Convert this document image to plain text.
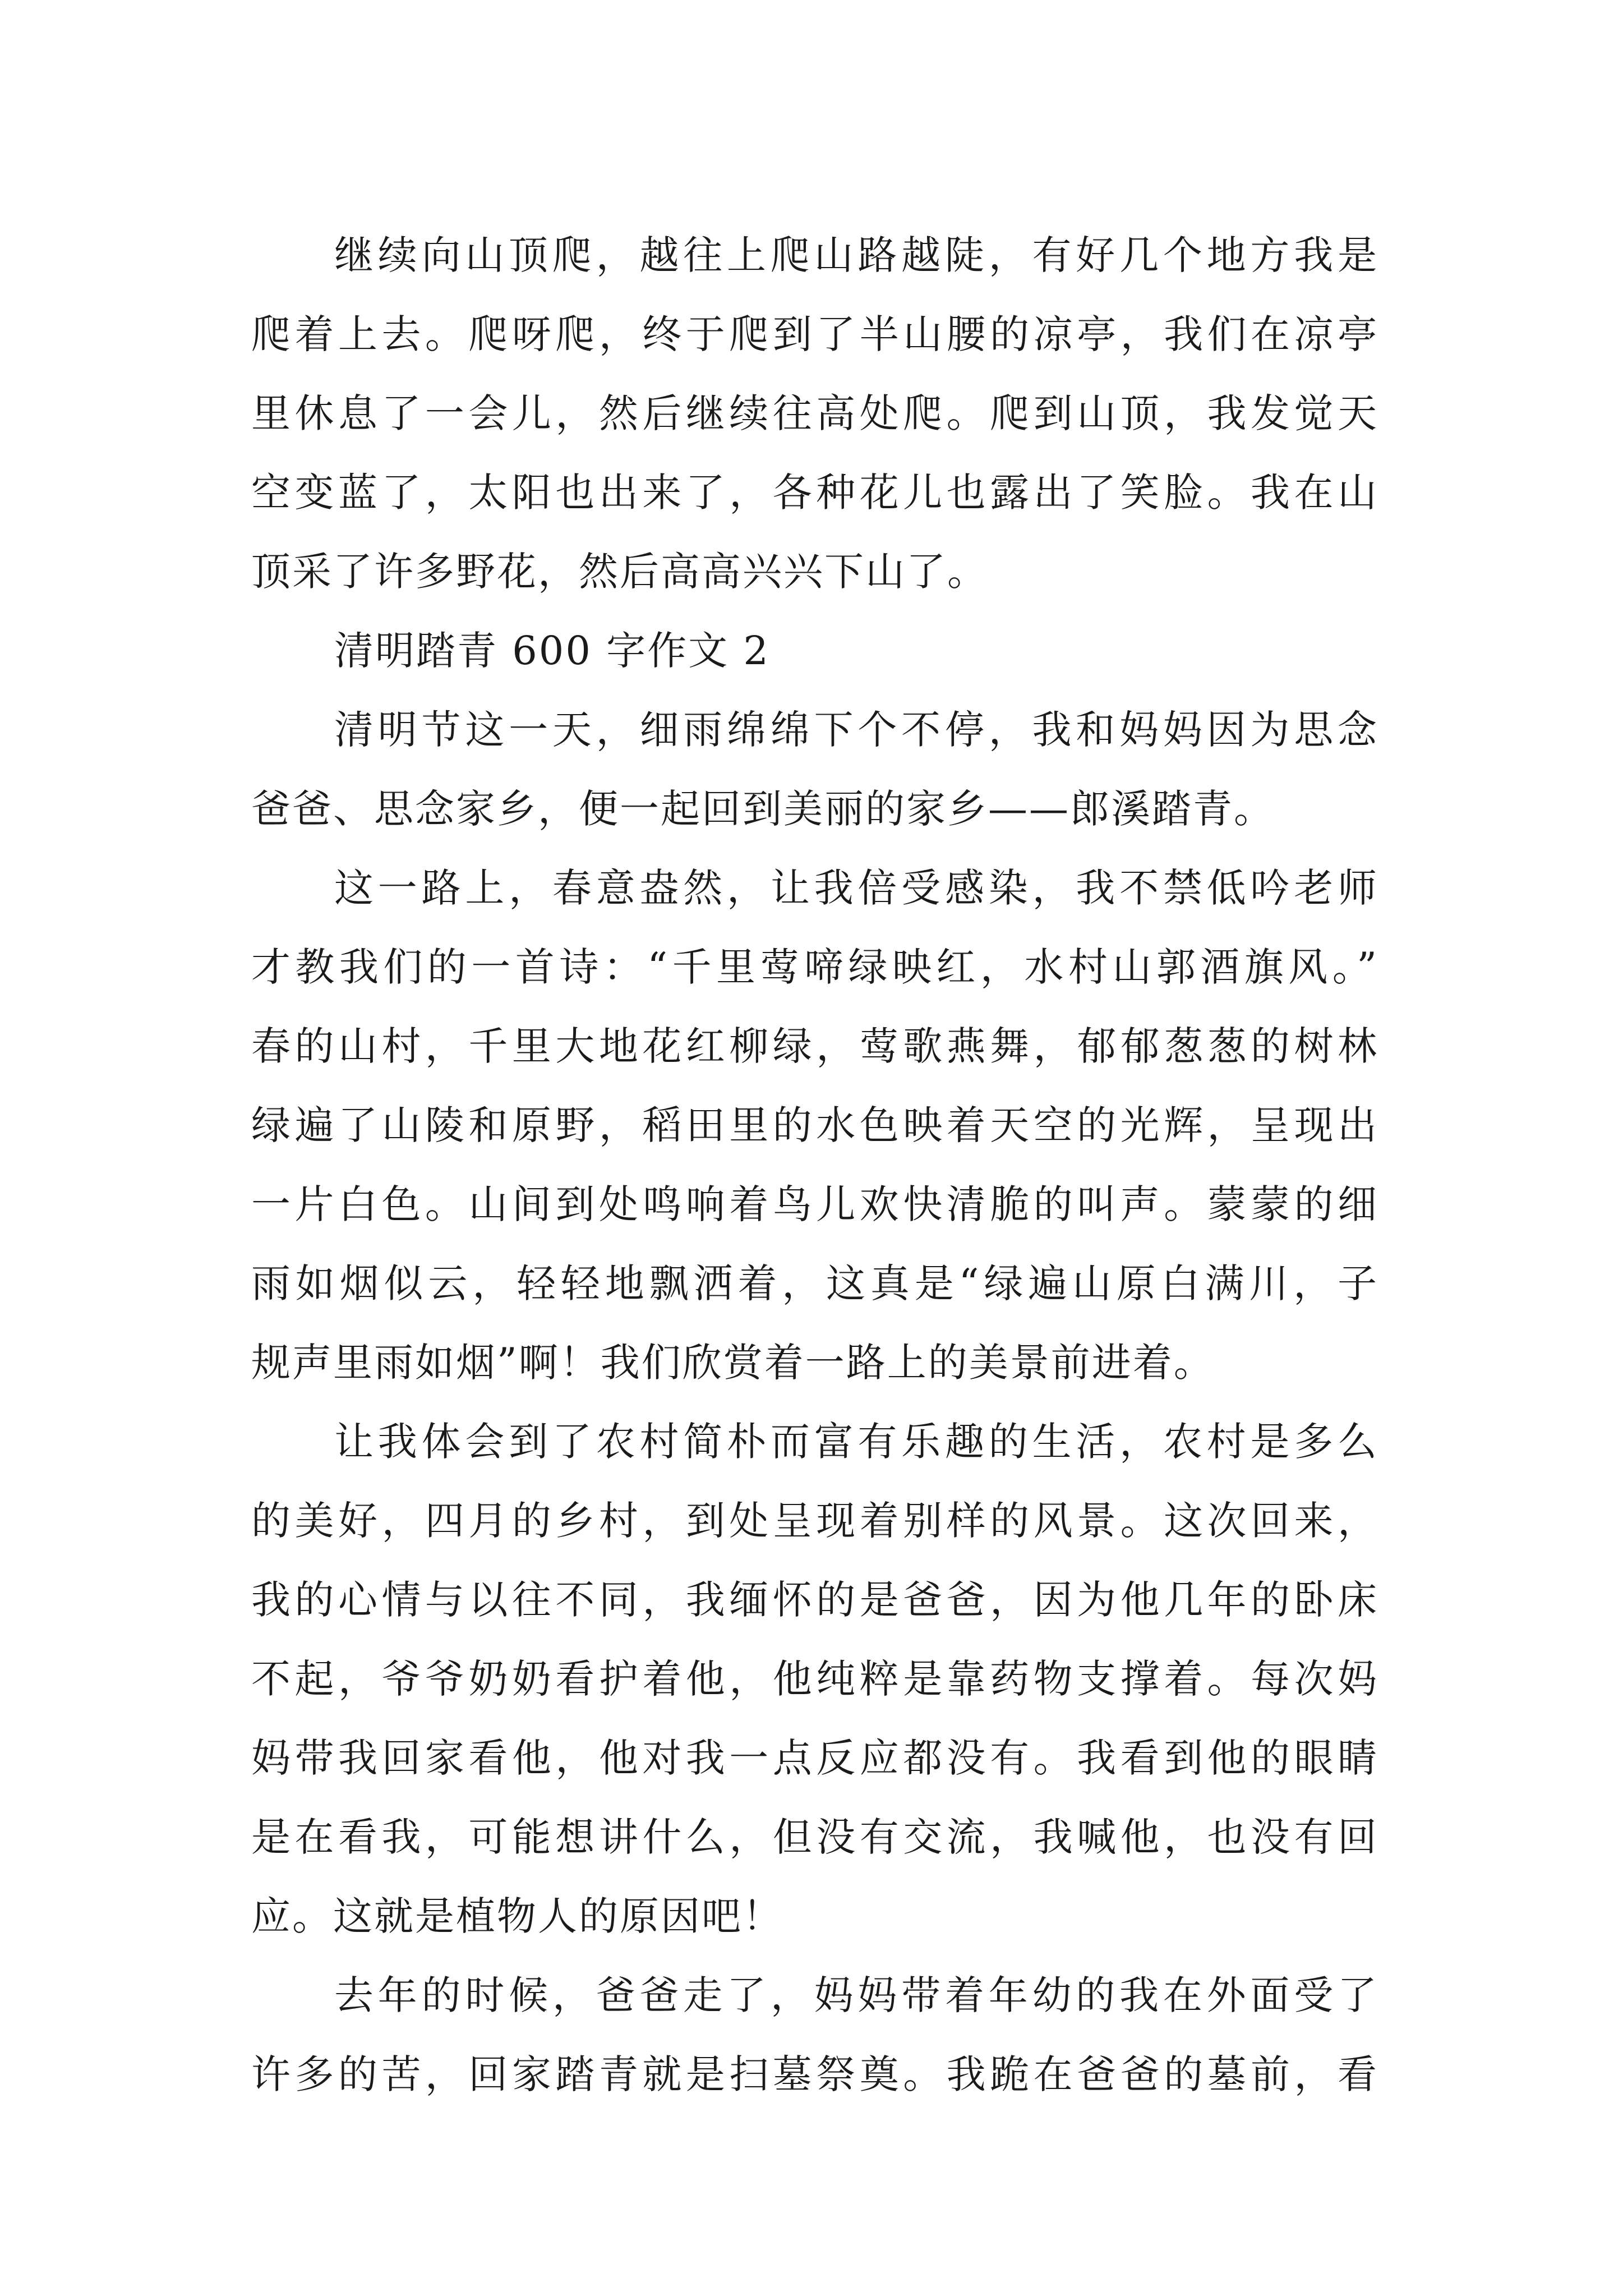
继续向山顶爬，越往上爬山路越陡，有好几个地方我是
爬着上去。爬呀爬，终于爬到了半山腰的凉亭，我们在凉亭
里休息了一会儿，然后继续往高处爬。爬到山顶，我发觉天
空变蓝了，太阳也出来了，各种花儿也露出了笑脸。我在山
顶采了许多野花，然后高高兴兴下山了。
清明踏青 600 字作文 2
清明节这一天，细雨绵绵下个不停，我和妈妈因为思念
爸爸、思念家乡，便一起回到美丽的家乡——郎溪踏青。
这一路上，春意盎然，让我倍受感染，我不禁低吟老师
才教我们的一首诗：“千里莺啼绿映红，水村山郭酒旗风。”
春的山村，千里大地花红柳绿，莺歌燕舞，郁郁葱葱的树林
绿遍了山陵和原野，稻田里的水色映着天空的光辉，呈现出
一片白色。山间到处鸣响着鸟儿欢快清脆的叫声。蒙蒙的细
雨如烟似云，轻轻地飘洒着，这真是“绿遍山原白满川，子
规声里雨如烟”啊！我们欣赏着一路上的美景前进着。
让我体会到了农村简朴而富有乐趣的生活，农村是多么
的美好，四月的乡村，到处呈现着别样的风景。这次回来，
我的心情与以往不同，我缅怀的是爸爸，因为他几年的卧床
不起，爷爷奶奶看护着他，他纯粹是靠药物支撑着。每次妈
妈带我回家看他，他对我一点反应都没有。我看到他的眼睛
是在看我，可能想讲什么，但没有交流，我喊他，也没有回
应。这就是植物人的原因吧！
去年的时候，爸爸走了，妈妈带着年幼的我在外面受了
许多的苦，回家踏青就是扫墓祭奠。我跪在爸爸的墓前，看
